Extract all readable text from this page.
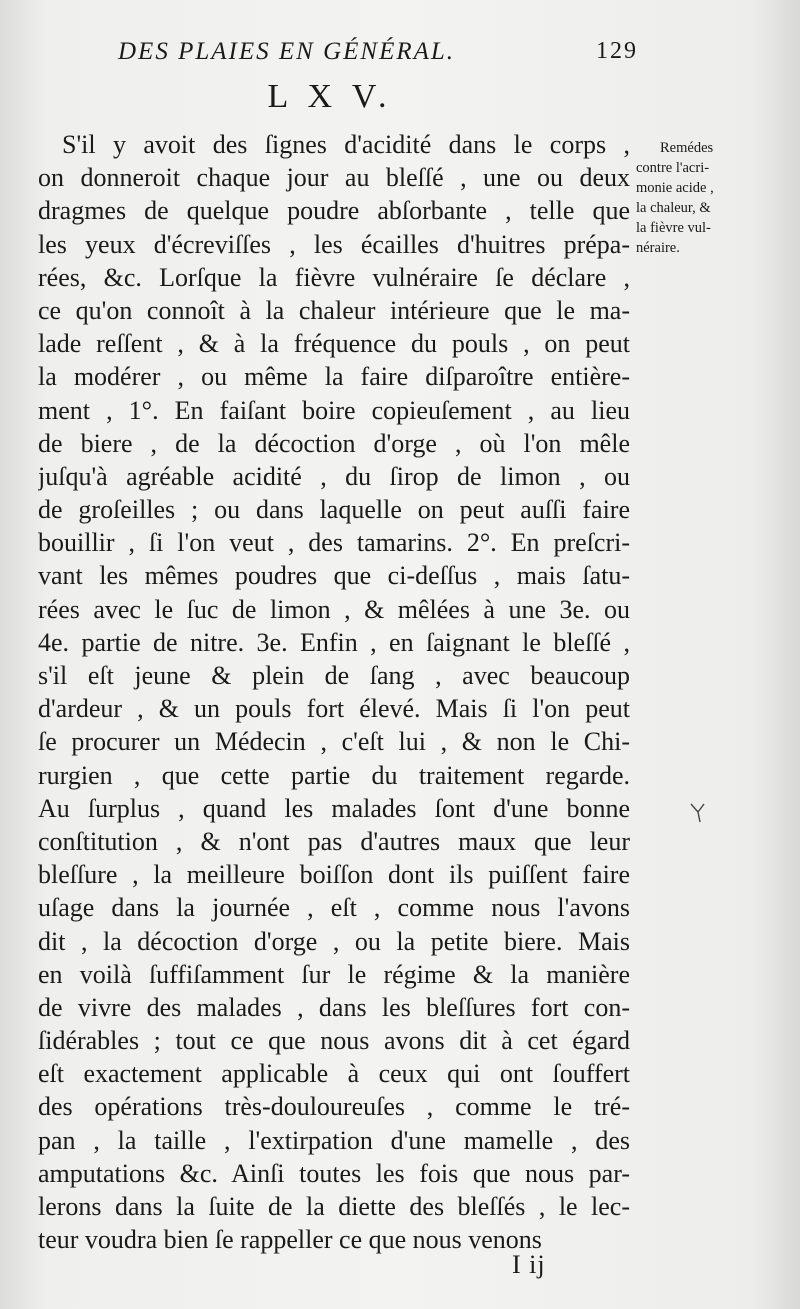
DES PLAIES EN GÉNÉRAL.	129
L X V.
S'il y avoit des ſignes d'acidité dans le corps ,
on donneroit chaque jour au bleſſé , une ou deux
dragmes de quelque poudre abſorbante , telle que
les yeux d'écreviſſes , les écailles d'huitres prépa-
rées, &c. Lorſque la fièvre vulnéraire ſe déclare ,
ce qu'on connoît à la chaleur intérieure que le ma-
lade reſſent , & à la fréquence du pouls , on peut
la modérer , ou même la faire diſparoître entière-
ment , 1°. En faiſant boire copieuſement , au lieu
de biere , de la décoction d'orge , où l'on mêle
juſqu'à agréable acidité , du ſirop de limon , ou
de groſeilles ; ou dans laquelle on peut auſſi faire
bouillir , ſi l'on veut , des tamarins. 2°. En preſcri-
vant les mêmes poudres que ci-deſſus , mais ſatu-
rées avec le ſuc de limon , & mêlées à une 3e. ou
4e. partie de nitre. 3e. Enfin , en ſaignant le bleſſé ,
s'il eſt jeune & plein de ſang , avec beaucoup
d'ardeur , & un pouls fort élevé. Mais ſi l'on peut
ſe procurer un Médecin , c'eſt lui , & non le Chi-
rurgien , que cette partie du traitement regarde.
Au ſurplus , quand les malades ſont d'une bonne
conſtitution , & n'ont pas d'autres maux que leur
bleſſure , la meilleure boiſſon dont ils puiſſent faire
uſage dans la journée , eſt , comme nous l'avons
dit , la décoction d'orge , ou la petite biere. Mais
en voilà ſuffiſamment ſur le régime & la manière
de vivre des malades , dans les bleſſures fort con-
ſidérables ; tout ce que nous avons dit à cet égard
eſt exactement applicable à ceux qui ont ſouffert
des opérations très-douloureuſes , comme le tré-
pan , la taille , l'extirpation d'une mamelle , des
amputations &c. Ainſi toutes les fois que nous par-
lerons dans la ſuite de la diette des bleſſés , le lec-
teur voudra bien ſe rappeller ce que nous venons
Remédes
contre l'acri-
monie acide ,
la chaleur, &
la fièvre vul-
néraire.
I ij
